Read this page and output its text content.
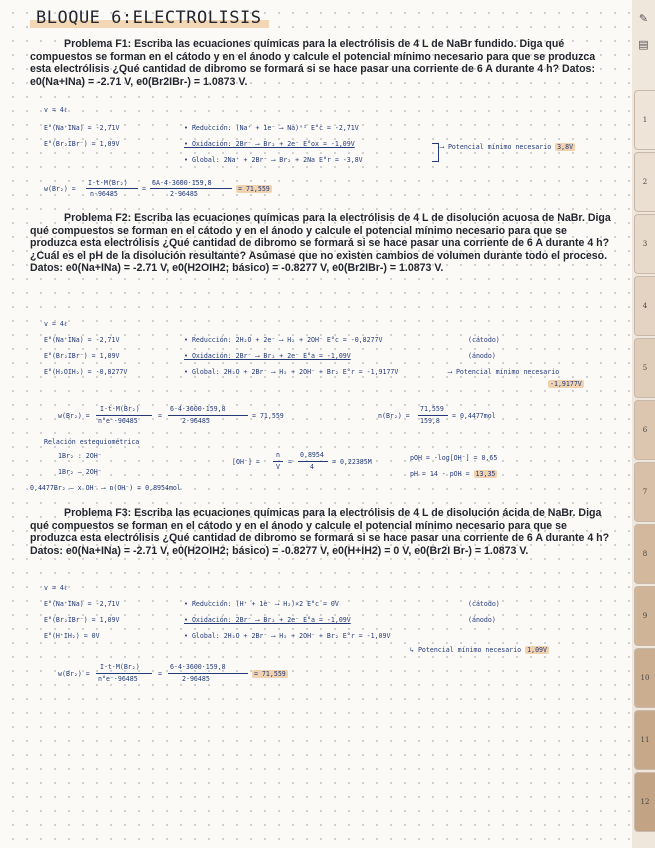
BLOQUE 6:ELECTROLISIS
Problema F1: Escriba las ecuaciones químicas para la electrólisis de 4 L de NaBr fundido. Diga qué compuestos se forman en el cátodo y en el ánodo y calcule el potencial mínimo necesario para que se produzca esta electrólisis ¿Qué cantidad de dibromo se formará si se hace pasar una corriente de 6 A durante 4 h? Datos: e0(Na+INa) = -2.71 V, e0(Br2IBr-) = 1.0873 V.
v = 4ℓ
E°(Na⁺INa) = -2,71V
E°(Br₂IBr⁻) = 1,09V
• Reducción: (Na⁺ + 1e⁻ ⟶ Na)ˣ² E°c = -2,71V
• Oxidación: 2Br⁻ ⟶ Br₂ + 2e⁻ E°ox = -1,09V
• Global: 2Na⁺ + 2Br⁻ ⟶ Br₂ + 2Na E°r = -3,8V
⟶ Potencial mínimo necesario 3,8V
w(Br₂) =
I·t·M(Br₂)
n·96485
=
6A·4·3600·159,8
2·96485
= 71,559
Problema F2: Escriba las ecuaciones químicas para la electrólisis de 4 L de disolución acuosa de NaBr. Diga qué compuestos se forman en el cátodo y en el ánodo y calcule el potencial mínimo necesario para que se produzca esta electrólisis ¿Qué cantidad de dibromo se formará si se hace pasar una corriente de 6 A durante 4 h? ¿Cuál es el pH de la disolución resultante? Asúmase que no existen cambios de volumen durante todo el proceso. Datos: e0(Na+INa) = -2.71 V, e0(H2OIH2; básico) = -0.8277 V, e0(Br2IBr-) = 1.0873 V.
v = 4ℓ
E°(Na⁺INa) = -2,71V
E°(Br₂IBr⁻) = 1,09V
E°(H₂OIH₂) = -0,8277V
• Reducción: 2H₂O + 2e⁻ ⟶ H₂ + 2OH⁻ E°c = -0,8277V	(cátodo)
• Oxidación: 2Br⁻ ⟶ Br₂ + 2e⁻ E°a = -1,09V	(ánodo)
• Global: 2H₂O + 2Br⁻ ⟶ H₂ + 2OH⁻ + Br₂ E°r = -1,9177V	⟶ Potencial mínimo necesario
-1,9177V
w(Br₂) =
I·t·M(Br₂)
n°e⁻·96485
=
6·4·3600·159,8
2·96485
= 71,559	n(Br₂) =
71,559
159,8
= 0,4477mol
Relación estequiométrica
1Br₂ : 2OH⁻
1Br₂ — 2OH⁻
0,4477Br₂ — x OH⁻ ⟶ n(OH⁻) = 0,8954mol
[OH⁻] =
n
V
=
0,8954
4
= 0,22385M	pOH = -log[OH⁻] = 0,65
pH = 14 - pOH = 13,35
Problema F3: Escriba las ecuaciones químicas para la electrólisis de 4 L de disolución ácida de NaBr. Diga qué compuestos se forman en el cátodo y en el ánodo y calcule el potencial mínimo necesario para que se produzca esta electrólisis ¿Qué cantidad de dibromo se formará si se hace pasar una corriente de 6 A durante 4 h? Datos: e0(Na+INa) = -2.71 V, e0(H2OIH2; básico) = -0.8277 V, e0(H+IH2) = 0 V, e0(Br2I Br-) = 1.0873 V.
v = 4ℓ
E°(Na⁺INa) = -2,71V
E°(Br₂IBr⁻) = 1,09V
E°(H⁺IH₂) = 0V
• Reducción: (H⁺ + 1e⁻ ⟶ H₂)×2 E°c = 0V	(cátodo)
• Oxidación: 2Br⁻ ⟶ Br₂ + 2e⁻ E°a = -1,09V	(ánodo)
• Global: 2H₂O + 2Br⁻ ⟶ H₂ + 2OH⁻ + Br₂ E°r = -1,09V
↳ Potencial mínimo necesario 1,09V
w(Br₂) =
I·t·M(Br₂)
n°e⁻·96485
=
6·4·3600·159,8
2·96485
= 71,559
✎
▤
1
2
3
4
5
6
7
8
9
10
11
12
